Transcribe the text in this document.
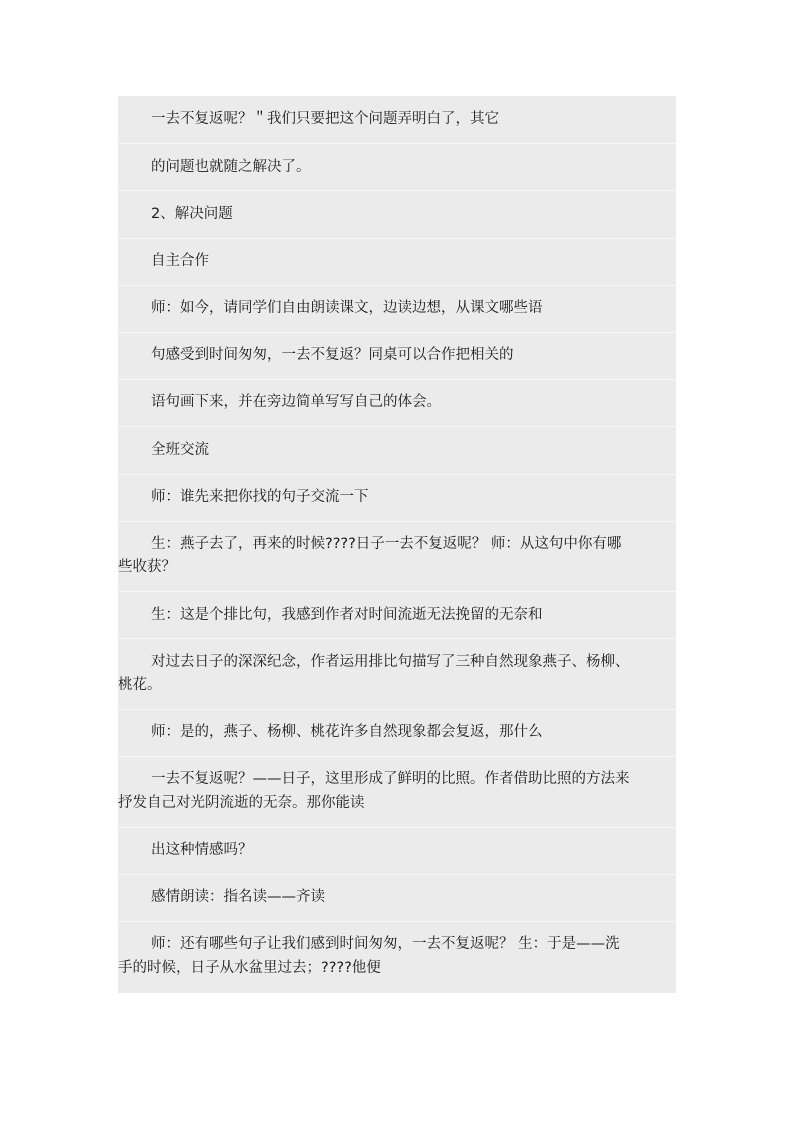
一去不复返呢？＂我们只要把这个问题弄明白了，其它
的问题也就随之解决了。
2、解决问题
自主合作
师：如今，请同学们自由朗读课文，边读边想，从课文哪些语
句感受到时间匆匆，一去不复返？同桌可以合作把相关的
语句画下来，并在旁边简单写写自己的体会。
全班交流
师：谁先来把你找的句子交流一下
生：燕子去了，再来的时候????日子一去不复返呢？ 师：从这句中你有哪
些收获？
生：这是个排比句，我感到作者对时间流逝无法挽留的无奈和
对过去日子的深深纪念，作者运用排比句描写了三种自然现象燕子、杨柳、
桃花。
师：是的，燕子、杨柳、桃花许多自然现象都会复返，那什么
一去不复返呢？——日子，这里形成了鲜明的比照。作者借助比照的方法来
抒发自己对光阴流逝的无奈。那你能读
出这种情感吗？
感情朗读：指名读——齐读
师：还有哪些句子让我们感到时间匆匆，一去不复返呢？ 生：于是——洗
手的时候，日子从水盆里过去；????他便
